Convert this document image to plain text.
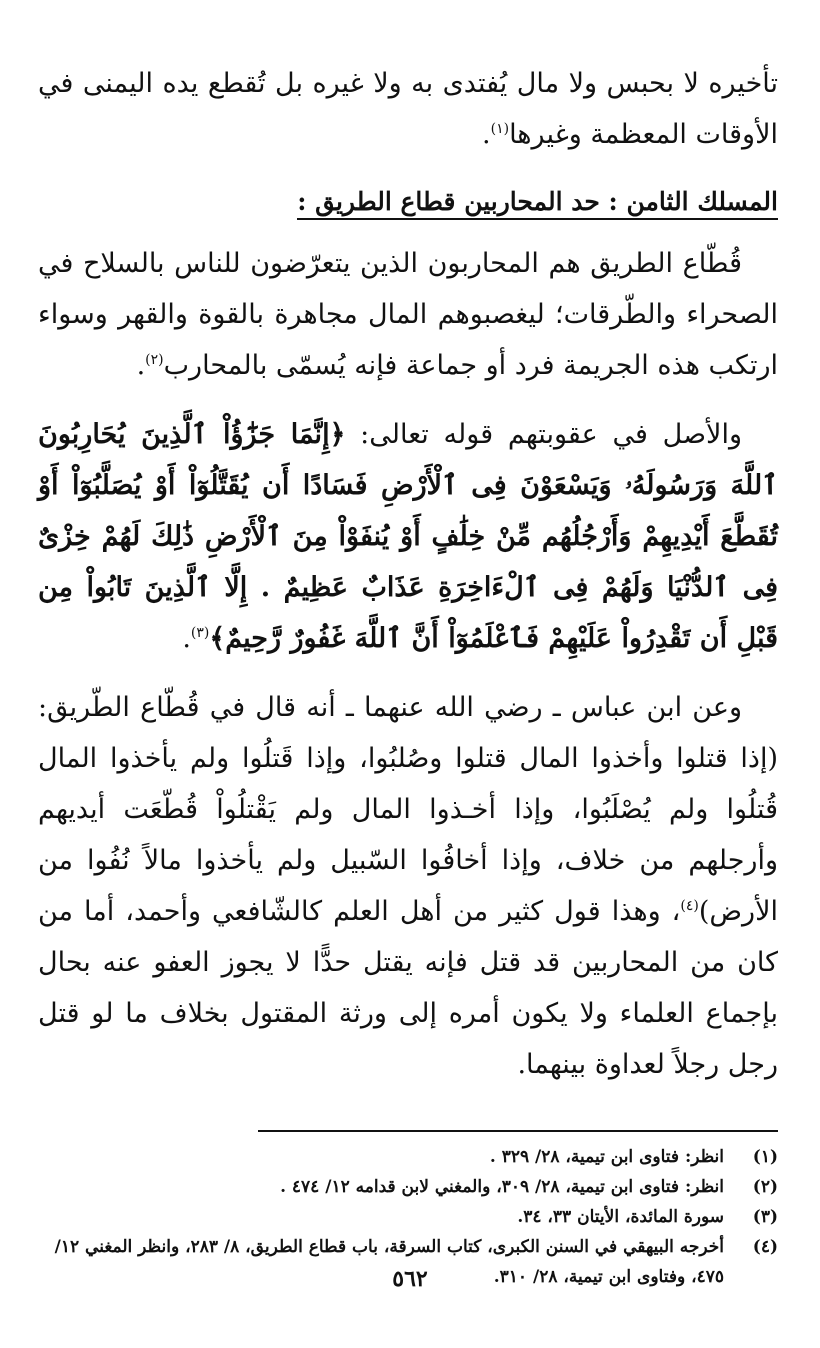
تأخيره لا بحبس ولا مال يُفتدى به ولا غيره بل تُقطع يده اليمنى في الأوقات المعظمة وغيرها$^{(١)}$.

المسلك الثامن : حد المحاربين قطاع الطريق :

قُطّاع الطريق هم المحاربون الذين يتعرّضون للناس بالسلاح في الصحراء والطّرقات؛ ليغصبوهم المال مجاهرة بالقوة والقهر وسواء ارتكب هذه الجريمة فرد أو جماعة فإنه يُسمّى بالمحارب$^{(٢)}$.

والأصل في عقوبتهم قوله تعالى: ﴿إِنَّمَا جَزَٰٓؤُاْ ٱلَّذِينَ يُحَارِبُونَ ٱللَّهَ وَرَسُولَهُۥ وَيَسْعَوْنَ فِى ٱلْأَرْضِ فَسَادًا أَن يُقَتَّلُوٓاْ أَوْ يُصَلَّبُوٓاْ أَوْ تُقَطَّعَ أَيْدِيهِمْ وَأَرْجُلُهُم مِّنْ خِلَٰفٍ أَوْ يُنفَوْاْ مِنَ ٱلْأَرْضِ ذَٰلِكَ لَهُمْ خِزْىٌ فِى ٱلدُّنْيَا وَلَهُمْ فِى ٱلْءَاخِرَةِ عَذَابٌ عَظِيمٌ . إِلَّا ٱلَّذِينَ تَابُواْ مِن قَبْلِ أَن تَقْدِرُواْ عَلَيْهِمْ فَٱعْلَمُوٓاْ أَنَّ ٱللَّهَ غَفُورٌ رَّحِيمٌ﴾$^{(٣)}$.

وعن ابن عباس ـ رضي الله عنهما ـ أنه قال في قُطّاع الطّريق: (إذا قتلوا وأخذوا المال قتلوا وصُلبُوا، وإذا قَتلُوا ولم يأخذوا المال قُتلُوا ولم يُصْلَبُوا، وإذا أخـذوا المال ولم يَقْتلُواْ قُطّعَت أيديهم وأرجلهم من خلاف، وإذا أخافُوا السّبيل ولم يأخذوا مالاً نُفُوا من الأرض)$^{(٤)}$، وهذا قول كثير من أهل العلم كالشّافعي وأحمد، أما من كان من المحاربين قد قتل فإنه يقتل حدًّا لا يجوز العفو عنه بحال بإجماع العلماء ولا يكون أمره إلى ورثة المقتول بخلاف ما لو قتل رجل رجلاً لعداوة بينهما.

(١)
انظر: فتاوى ابن تيمية، ٢٨/ ٣٢٩ .
(٢)
انظر: فتاوى ابن تيمية، ٢٨/ ٣٠٩، والمغني لابن قدامه ١٢/ ٤٧٤ .
(٣)
سورة المائدة، الأيتان ٣٣، ٣٤.
(٤)
أخرجه البيهقي في السنن الكبرى، كتاب السرقة، باب قطاع الطريق، ٨/ ٢٨٣، وانظر المغني ١٢/ ٤٧٥، وفتاوى ابن تيمية، ٢٨/ ٣١٠.
٥٦٢
